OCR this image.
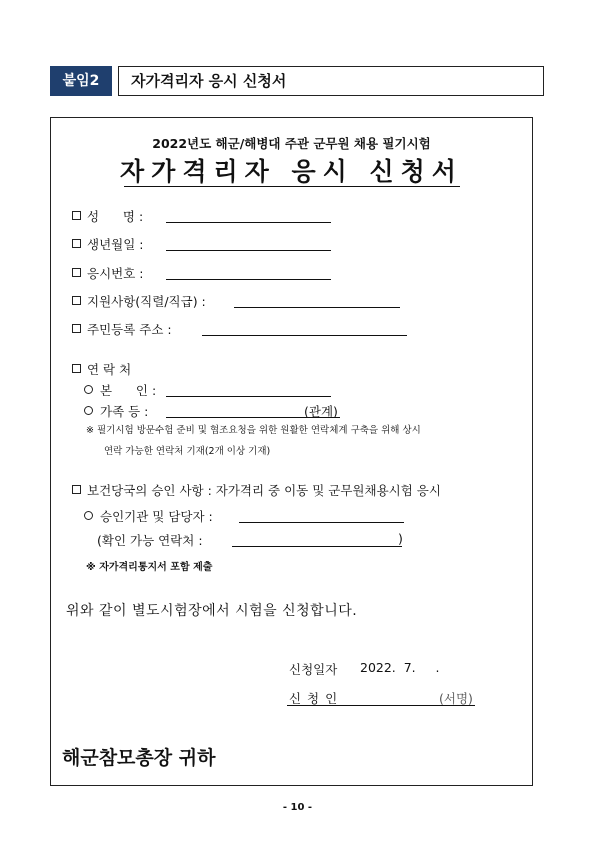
붙임2	자가격리자 응시 신청서
2022년도 해군/해병대 주관 군무원 채용 필기시험
자가격리자 응시 신청서
성      명 :
생년월일 :
응시번호 :
지원사항(직렬/직급) :
주민등록 주소 :
연 락 처
본      인 :
가족 등 :	(관계)
※ 필기시험 방문수험 준비 및 협조요청을 위한 원활한 연락체계 구축을 위해 상시
연락 가능한 연락처 기재(2개 이상 기재)
보건당국의 승인 사항 : 자가격리 중 이동 및 군무원채용시험 응시
승인기관 및 담당자 :
(확인 가능 연락처 :	)
※ 자가격리통지서 포함 제출
위와 같이 별도시험장에서 시험을 신청합니다.
신청일자 2022.  7.     .
신 청 인	(서명)
해군참모총장 귀하
- 10 -
